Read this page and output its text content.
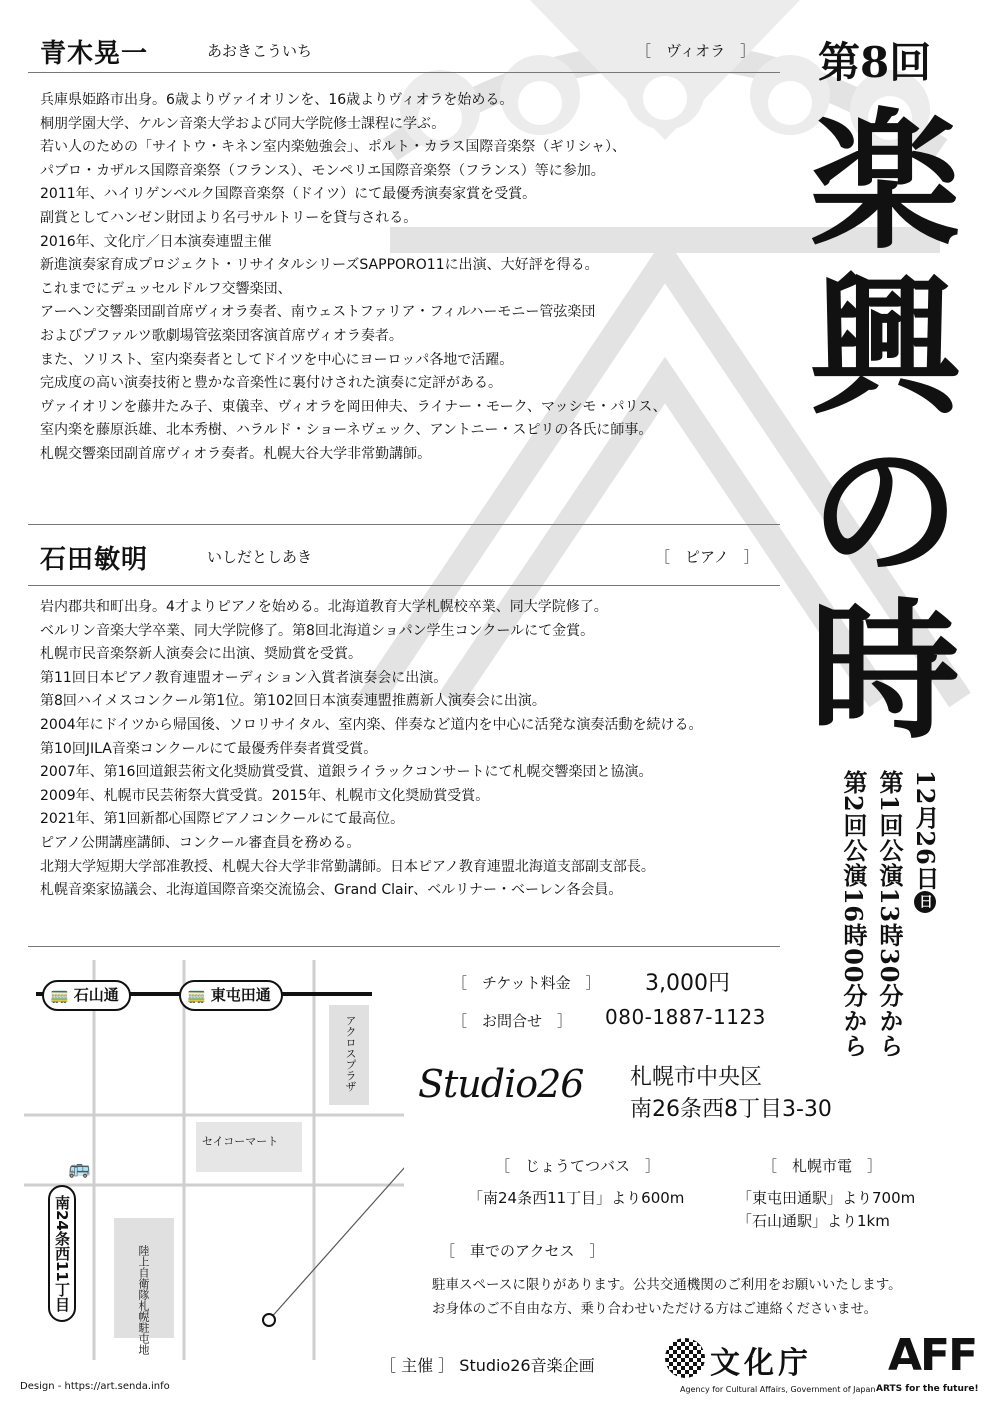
青木晃一	あおきこういち	［　ヴィオラ　］
兵庫県姫路市出身。6歳よりヴァイオリンを、16歳よりヴィオラを始める。
桐朋学園大学、ケルン音楽大学および同大学院修士課程に学ぶ。
若い人のための「サイトウ・キネン室内楽勉強会」、ポルト・カラス国際音楽祭（ギリシャ）、
パブロ・カザルス国際音楽祭（フランス）、モンペリエ国際音楽祭（フランス）等に参加。
2011年、ハイリゲンベルク国際音楽祭（ドイツ）にて最優秀演奏家賞を受賞。
副賞としてハンゼン財団より名弓サルトリーを貸与される。
2016年、文化庁／日本演奏連盟主催
新進演奏家育成プロジェクト・リサイタルシリーズSAPPORO11に出演、大好評を得る。
これまでにデュッセルドルフ交響楽団、
アーヘン交響楽団副首席ヴィオラ奏者、南ウェストファリア・フィルハーモニー管弦楽団
およびプファルツ歌劇場管弦楽団客演首席ヴィオラ奏者。
また、ソリスト、室内楽奏者としてドイツを中心にヨーロッパ各地で活躍。
完成度の高い演奏技術と豊かな音楽性に裏付けされた演奏に定評がある。
ヴァイオリンを藤井たみ子、東儀幸、ヴィオラを岡田伸夫、ライナー・モーク、マッシモ・パリス、
室内楽を藤原浜雄、北本秀樹、ハラルド・ショーネヴェック、アントニー・スピリの各氏に師事。
札幌交響楽団副首席ヴィオラ奏者。札幌大谷大学非常勤講師。
石田敏明	いしだとしあき	［　ピアノ　］
岩内郡共和町出身。4才よりピアノを始める。北海道教育大学札幌校卒業、同大学院修了。
ベルリン音楽大学卒業、同大学院修了。第8回北海道ショパン学生コンクールにて金賞。
札幌市民音楽祭新人演奏会に出演、奨励賞を受賞。
第11回日本ピアノ教育連盟オーディション入賞者演奏会に出演。
第8回ハイメスコンクール第1位。第102回日本演奏連盟推薦新人演奏会に出演。
2004年にドイツから帰国後、ソロリサイタル、室内楽、伴奏など道内を中心に活発な演奏活動を続ける。
第10回JILA音楽コンクールにて最優秀伴奏者賞受賞。
2007年、第16回道銀芸術文化奨励賞受賞、道銀ライラックコンサートにて札幌交響楽団と協演。
2009年、札幌市民芸術祭大賞受賞。2015年、札幌市文化奨励賞受賞。
2021年、第1回新都心国際ピアノコンクールにて最高位。
ピアノ公開講座講師、コンクール審査員を務める。
北翔大学短期大学部准教授、札幌大谷大学非常勤講師。日本ピアノ教育連盟北海道支部副支部長。
札幌音楽家協議会、北海道国際音楽交流協会、Grand Clair、ベルリナー・ベーレン各会員。
第8回
楽
興
の
時
12月26日日
第1回公演13時30分から
第2回公演16時00分から
🚃 石山通	🚃 東屯田通
アクロスプラザ
セイコーマート
🚌
南24条西11丁目	陸上自衛隊札幌駐屯地
［　チケット料金　］ 3,000円
［　お問合せ　］ 080-1887-1123
Studio26 札幌市中央区
南26条西8丁目3-30
［　じょうてつバス　］
「南24条西11丁目」より600m
［　札幌市電　］
「東屯田通駅」より700m
「石山通駅」より1km
［　車でのアクセス　］
駐車スペースに限りがあります。公共交通機関のご利用をお願いいたします。
お身体のご不自由な方、乗り合わせいただける方はご連絡くださいませ。
［ 主催 ］ Studio26音楽企画
Design - https://art.senda.info
文化庁
Agency for Cultural Affairs, Government of Japan
AFF
ARTS for the future!
